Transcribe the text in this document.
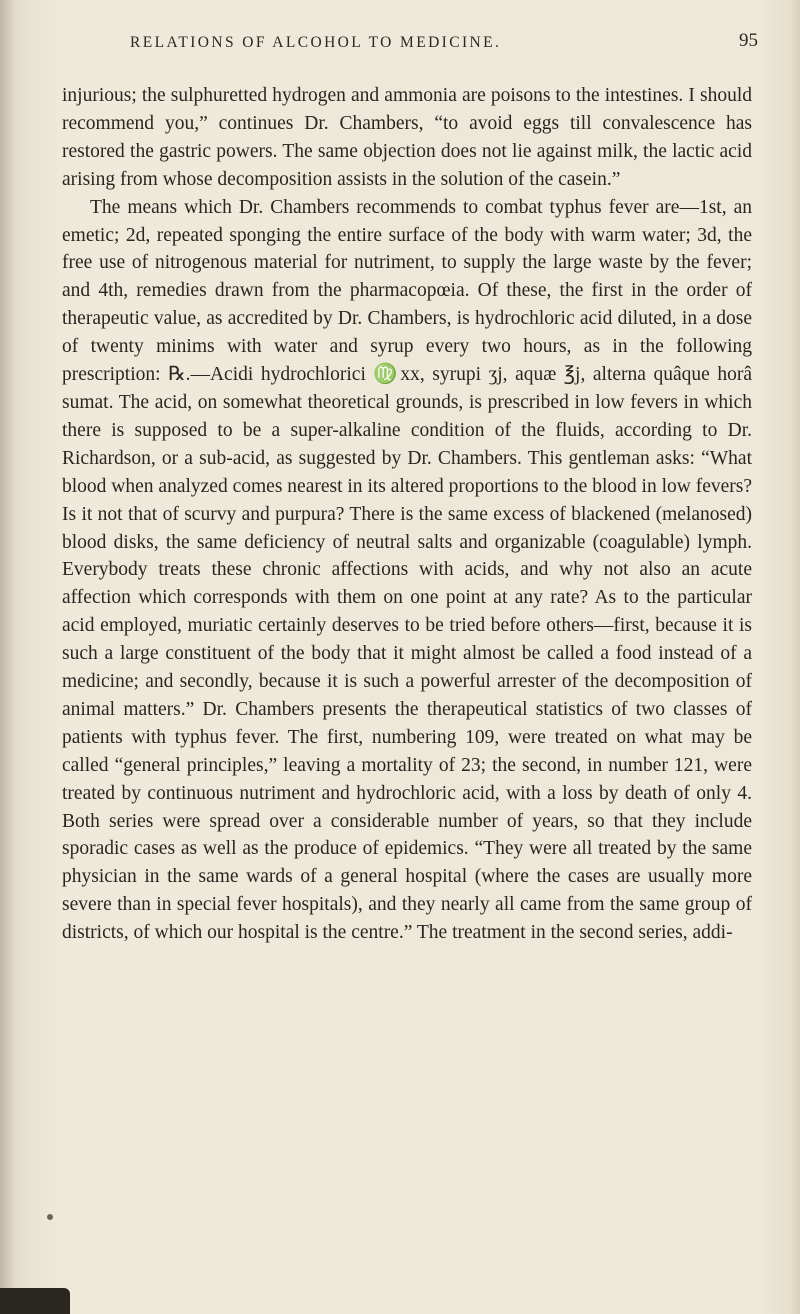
RELATIONS OF ALCOHOL TO MEDICINE.	95

injurious; the sulphuretted hydrogen and ammonia are poisons to the intestines. I should recommend you,” continues Dr. Chambers, “to avoid eggs till convalescence has restored the gastric powers. The same objection does not lie against milk, the lactic acid arising from whose decomposition assists in the solution of the casein.”

The means which Dr. Chambers recommends to combat typhus fever are—1st, an emetic; 2d, repeated sponging the entire surface of the body with warm water; 3d, the free use of nitrogenous material for nutriment, to supply the large waste by the fever; and 4th, remedies drawn from the pharmacopœia. Of these, the first in the order of therapeutic value, as accredited by Dr. Chambers, is hydrochloric acid diluted, in a dose of twenty minims with water and syrup every two hours, as in the following prescription: ℞.—Acidi hydrochlorici ♍xx, syrupi ʒj, aquæ ℥j, alterna quâque horâ sumat. The acid, on somewhat theoretical grounds, is prescribed in low fevers in which there is supposed to be a super-alkaline condition of the fluids, according to Dr. Richardson, or a sub-acid, as suggested by Dr. Chambers. This gentleman asks: “What blood when analyzed comes nearest in its altered proportions to the blood in low fevers? Is it not that of scurvy and purpura? There is the same excess of blackened (melanosed) blood disks, the same deficiency of neutral salts and organizable (coagulable) lymph. Everybody treats these chronic affections with acids, and why not also an acute affection which corresponds with them on one point at any rate? As to the particular acid employed, muriatic certainly deserves to be tried before others—first, because it is such a large constituent of the body that it might almost be called a food instead of a medicine; and secondly, because it is such a powerful arrester of the decomposition of animal matters.” Dr. Chambers presents the therapeutical statistics of two classes of patients with typhus fever. The first, numbering 109, were treated on what may be called “general principles,” leaving a mortality of 23; the second, in number 121, were treated by continuous nutriment and hydrochloric acid, with a loss by death of only 4. Both series were spread over a considerable number of years, so that they include sporadic cases as well as the produce of epidemics. “They were all treated by the same physician in the same wards of a general hospital (where the cases are usually more severe than in special fever hospitals), and they nearly all came from the same group of districts, of which our hospital is the centre.” The treatment in the second series, addi-
